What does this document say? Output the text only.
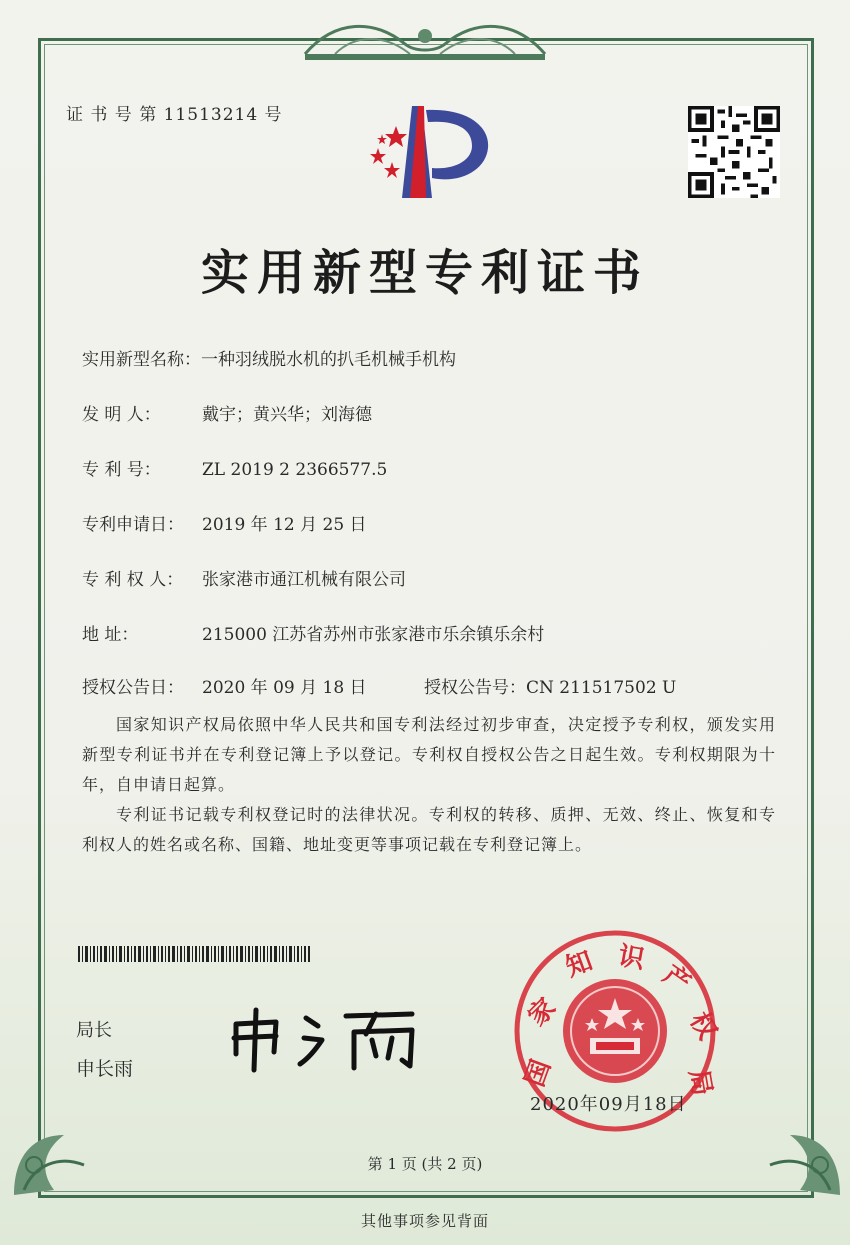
证 书 号 第 11513214 号
实用新型专利证书
实用新型名称：一种羽绒脱水机的扒毛机械手机构
发 明 人： 戴宇；黄兴华；刘海德
专 利 号： ZL 2019 2 2366577.5
专利申请日： 2019 年 12 月 25 日
专 利 权 人： 张家港市通江机械有限公司
地 址：	215000 江苏省苏州市张家港市乐余镇乐余村
授权公告日： 2020 年 09 月 18 日	授权公告号：CN 211517502 U
国家知识产权局依照中华人民共和国专利法经过初步审查，决定授予专利权，颁发实用新型专利证书并在专利登记簿上予以登记。专利权自授权公告之日起生效。专利权期限为十年，自申请日起算。
专利证书记载专利权登记时的法律状况。专利权的转移、质押、无效、终止、恢复和专利权人的姓名或名称、国籍、地址变更等事项记载在专利登记簿上。
局长
申长雨	国
家
知 识
产
权
局
2020年09月18日
第 1 页 (共 2 页)
其他事项参见背面
